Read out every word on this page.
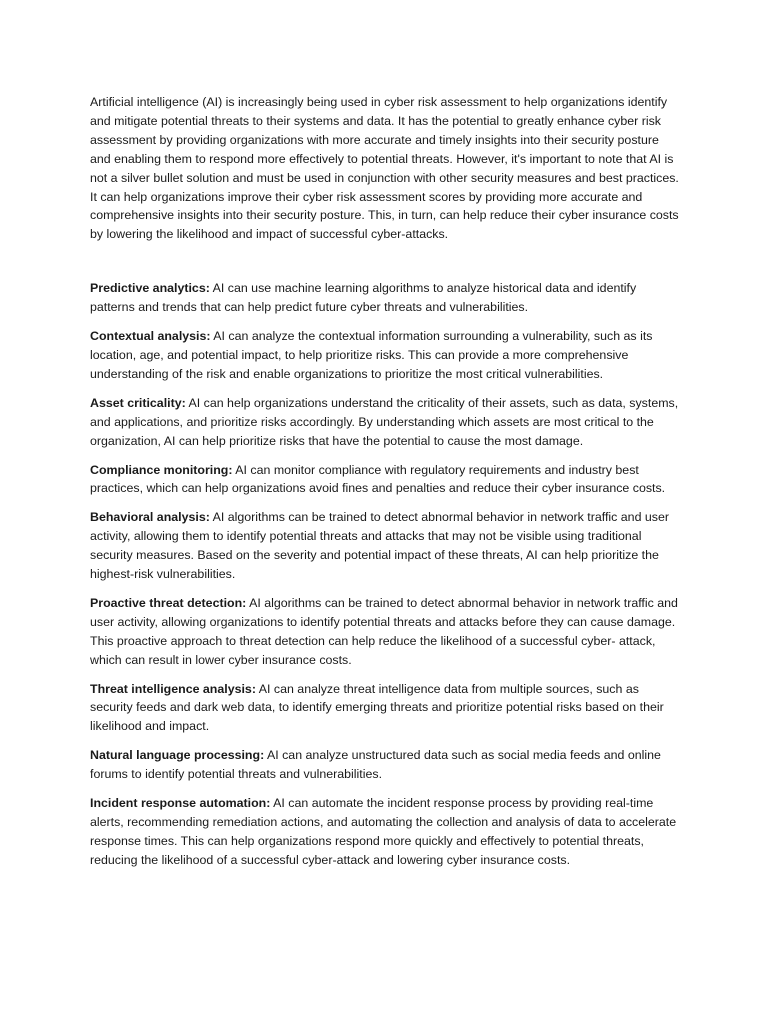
Artificial intelligence (AI) is increasingly being used in cyber risk assessment to help organizations identify and mitigate potential threats to their systems and data. It has the potential to greatly enhance cyber risk assessment by providing organizations with more accurate and timely insights into their security posture and enabling them to respond more effectively to potential threats. However, it's important to note that AI is not a silver bullet solution and must be used in conjunction with other security measures and best practices. It can help organizations improve their cyber risk assessment scores by providing more accurate and comprehensive insights into their security posture. This, in turn, can help reduce their cyber insurance costs by lowering the likelihood and impact of successful cyber-attacks.

Predictive analytics: AI can use machine learning algorithms to analyze historical data and identify patterns and trends that can help predict future cyber threats and vulnerabilities.

Contextual analysis: AI can analyze the contextual information surrounding a vulnerability, such as its location, age, and potential impact, to help prioritize risks. This can provide a more comprehensive understanding of the risk and enable organizations to prioritize the most critical vulnerabilities.

Asset criticality: AI can help organizations understand the criticality of their assets, such as data, systems, and applications, and prioritize risks accordingly. By understanding which assets are most critical to the organization, AI can help prioritize risks that have the potential to cause the most damage.

Compliance monitoring: AI can monitor compliance with regulatory requirements and industry best practices, which can help organizations avoid fines and penalties and reduce their cyber insurance costs.

Behavioral analysis: AI algorithms can be trained to detect abnormal behavior in network traffic and user activity, allowing them to identify potential threats and attacks that may not be visible using traditional security measures. Based on the severity and potential impact of these threats, AI can help prioritize the highest-risk vulnerabilities.

Proactive threat detection: AI algorithms can be trained to detect abnormal behavior in network traffic and user activity, allowing organizations to identify potential threats and attacks before they can cause damage. This proactive approach to threat detection can help reduce the likelihood of a successful cyber- attack, which can result in lower cyber insurance costs.

Threat intelligence analysis: AI can analyze threat intelligence data from multiple sources, such as security feeds and dark web data, to identify emerging threats and prioritize potential risks based on their likelihood and impact.

Natural language processing: AI can analyze unstructured data such as social media feeds and online forums to identify potential threats and vulnerabilities.

Incident response automation: AI can automate the incident response process by providing real-time alerts, recommending remediation actions, and automating the collection and analysis of data to accelerate response times. This can help organizations respond more quickly and effectively to potential threats, reducing the likelihood of a successful cyber-attack and lowering cyber insurance costs.
